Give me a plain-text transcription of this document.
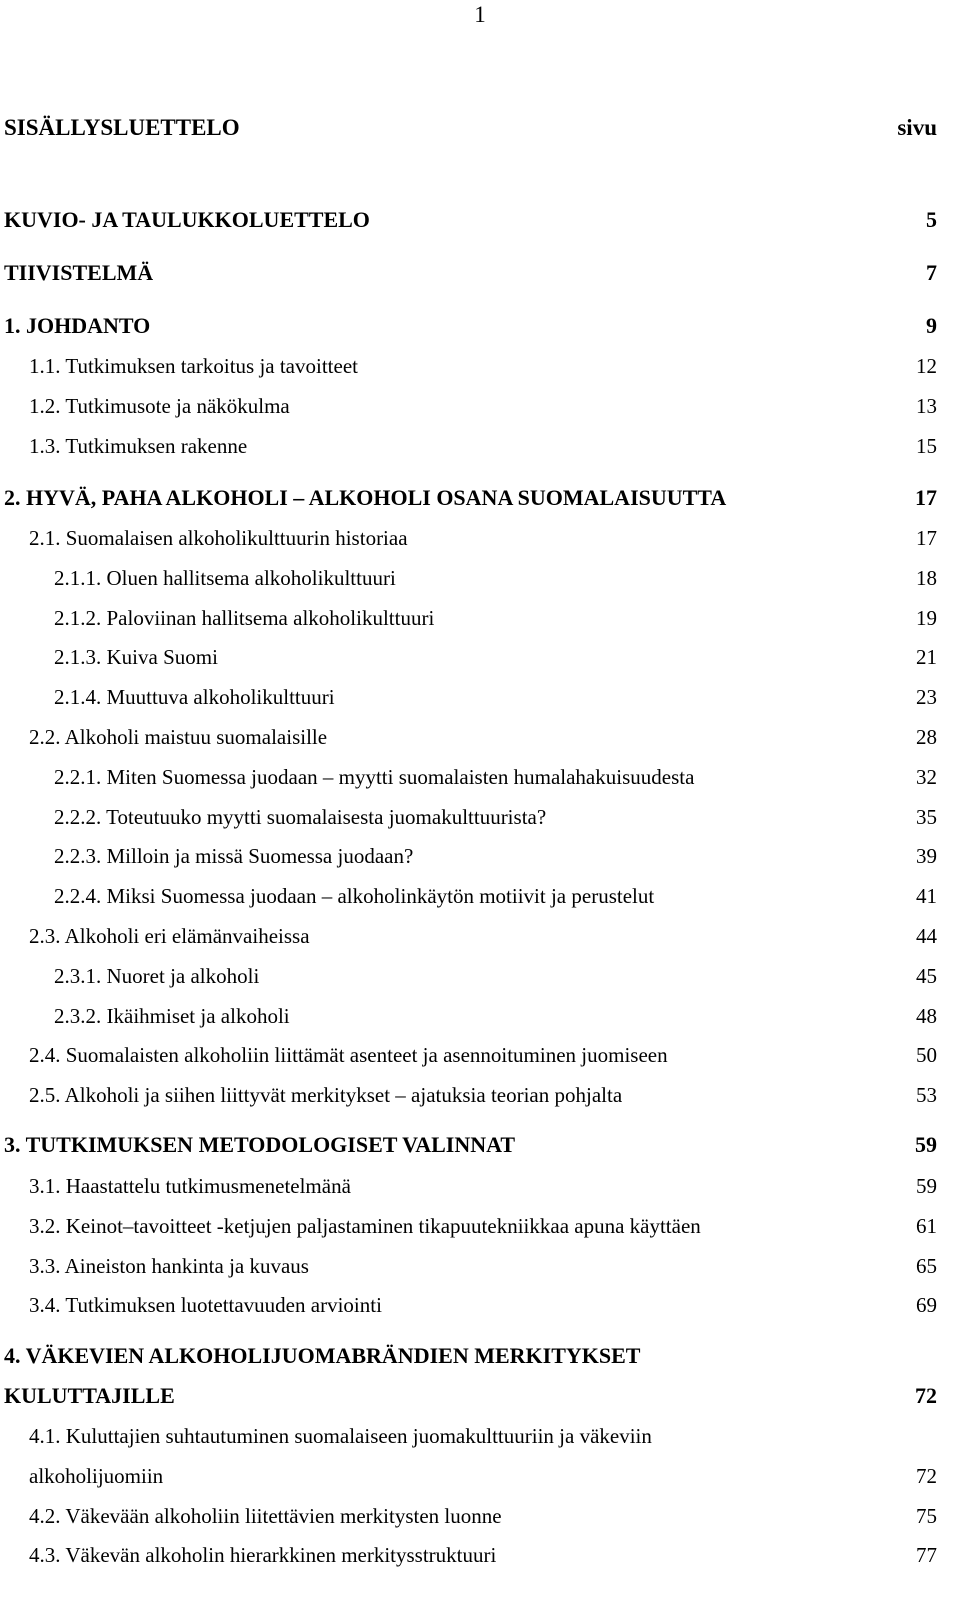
1
SISÄLLYSLUETTELO	sivu
KUVIO- JA TAULUKKOLUETTELO	5
TIIVISTELMÄ	7
1. JOHDANTO	9
1.1. Tutkimuksen tarkoitus ja tavoitteet	12
1.2. Tutkimusote ja näkökulma	13
1.3. Tutkimuksen rakenne	15
2. HYVÄ, PAHA ALKOHOLI – ALKOHOLI OSANA SUOMALAISUUTTA	17
2.1. Suomalaisen alkoholikulttuurin historiaa	17
2.1.1. Oluen hallitsema alkoholikulttuuri	18
2.1.2. Paloviinan hallitsema alkoholikulttuuri	19
2.1.3. Kuiva Suomi	21
2.1.4. Muuttuva alkoholikulttuuri	23
2.2. Alkoholi maistuu suomalaisille	28
2.2.1. Miten Suomessa juodaan – myytti suomalaisten humalahakuisuudesta	32
2.2.2. Toteutuuko myytti suomalaisesta juomakulttuurista?	35
2.2.3. Milloin ja missä Suomessa juodaan?	39
2.2.4. Miksi Suomessa juodaan – alkoholinkäytön motiivit ja perustelut	41
2.3. Alkoholi eri elämänvaiheissa	44
2.3.1. Nuoret ja alkoholi	45
2.3.2. Ikäihmiset ja alkoholi	48
2.4. Suomalaisten alkoholiin liittämät asenteet ja asennoituminen juomiseen	50
2.5. Alkoholi ja siihen liittyvät merkitykset – ajatuksia teorian pohjalta	53
3. TUTKIMUKSEN METODOLOGISET VALINNAT	59
3.1. Haastattelu tutkimusmenetelmänä	59
3.2. Keinot–tavoitteet -ketjujen paljastaminen tikapuutekniikkaa apuna käyttäen	61
3.3. Aineiston hankinta ja kuvaus	65
3.4. Tutkimuksen luotettavuuden arviointi	69
4. VÄKEVIEN ALKOHOLIJUOMABRÄNDIEN MERKITYKSET
KULUTTAJILLE	72
4.1. Kuluttajien suhtautuminen suomalaiseen juomakulttuuriin ja väkeviin
alkoholijuomiin	72
4.2. Väkevään alkoholiin liitettävien merkitysten luonne	75
4.3. Väkevän alkoholin hierarkkinen merkitysstruktuuri	77
